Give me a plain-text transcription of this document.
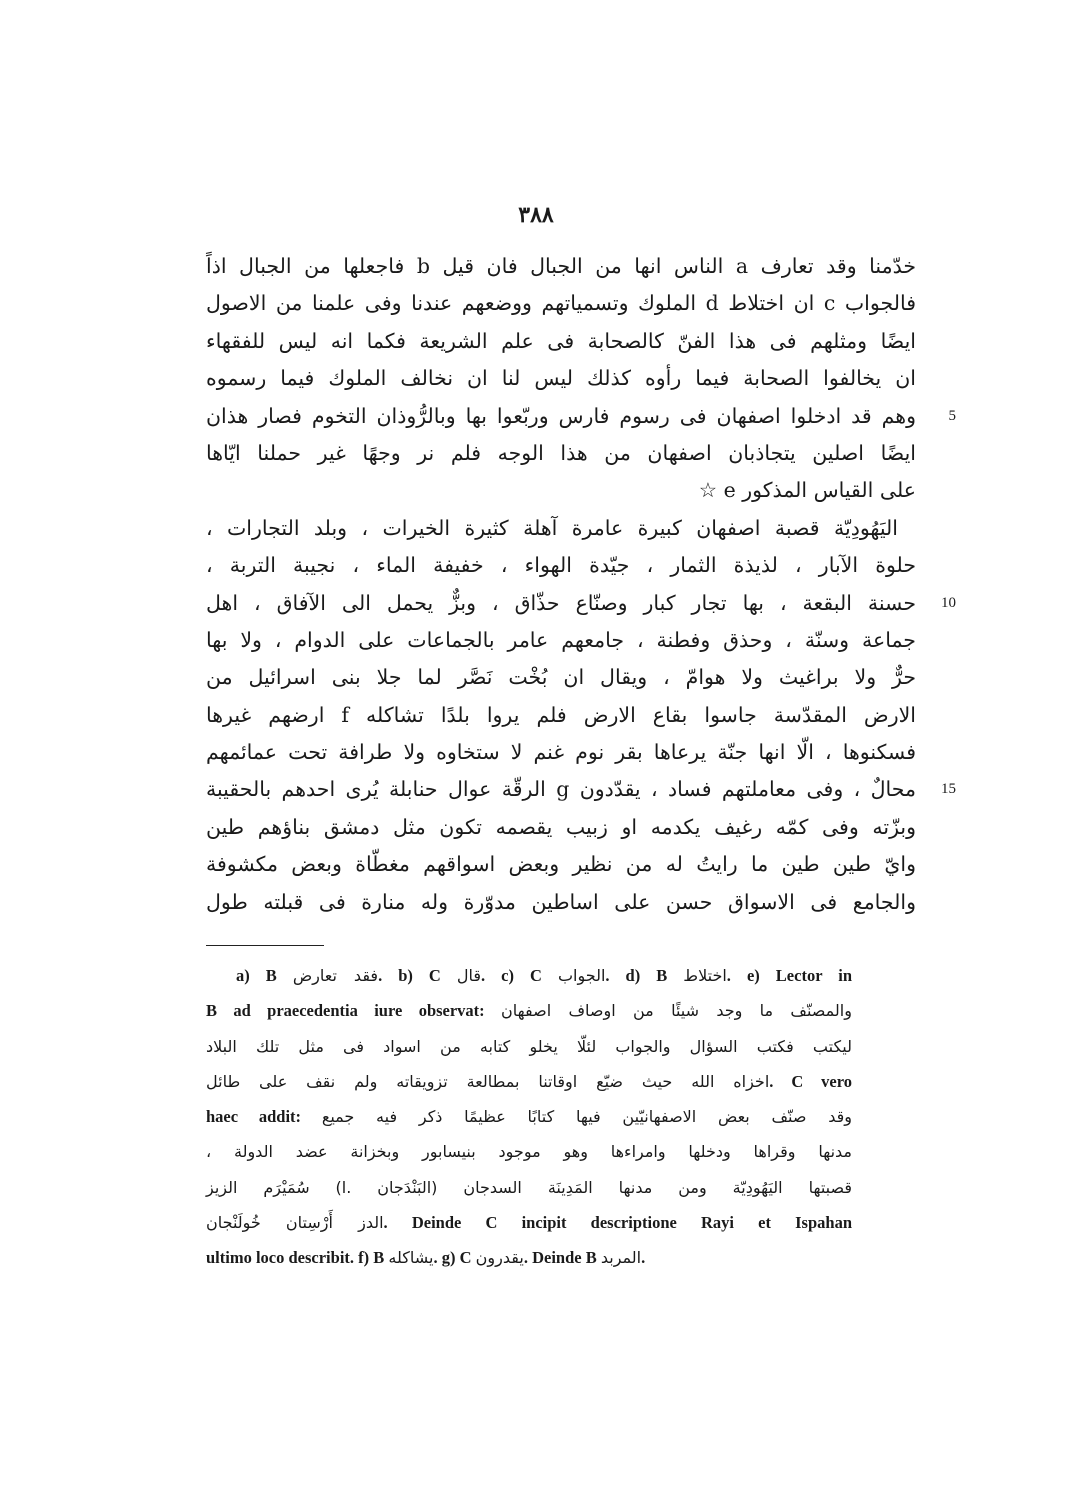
٣٨٨
خدّمنا وقد تعارف a الناس انها من الجبال فان قيل b فاجعلها من الجبال اذاً
فالجواب c ان اختلاط d الملوك وتسمياتهم ووضعهم عندنا وفى علمنا من الاصول
ايضًا ومثلهم فى هذا الفنّ كالصحابة فى علم الشريعة فكما انه ليس للفقهاء
ان يخالفوا الصحابة فيما رأوه كذلك ليس لنا ان نخالف الملوك فيما رسموه
وهم قد ادخلوا اصفهان فى رسوم فارس وربّعوا بها وبالرُّوذان التخوم فصار هذان 5
ايضًا اصلين يتجاذبان اصفهان من هذا الوجه فلم نر وجهًا غير حملنا ايّاها
على القياس المذكور e ☆
اليَهُودِيّة قصبة اصفهان كبيرة عامرة آهلة كثيرة الخيرات ، وبلد التجارات ،
حلوة الآبار ، لذيذة الثمار ، جيّدة الهواء ، خفيفة الماء ، نجيبة التربة ،
حسنة البقعة ، بها تجار كبار وصنّاع حذّاق ، وبزٌّ يحمل الى الآفاق ، اهل 10
جماعة وسنّة ، وحذق وفطنة ، جامعهم عامر بالجماعات على الدوام ، ولا بها
حرٌّ ولا براغيث ولا هوامّ ، ويقال ان بُخْت نَصَّر لما جلا بنى اسرائيل من
الارض المقدّسة جاسوا بقاع الارض فلم يروا بلدًا تشاكله f ارضهم غيرها
فسكنوها ، الّا انها جنّة يرعاها بقر نوم غنم لا ستخاوه ولا طرافة تحت عمائمهم
محالٌ ، وفى معاملتهم فساد ، يقدّدون g الرقّة عوال حنابلة يُرى احدهم بالحقيبة 15
وبزّته وفى كمّه رغيف يكدمه او زبيب يقصمه تكون مثل دمشق بناؤهم طين
وايّ طين طين ما رايتُ له من نظير وبعض اسواقهم مغطّاة وبعض مكشوفة
والجامع فى الاسواق حسن على اساطين مدوّرة وله منارة فى قبلته طول
a) B فقد تعارض. b) C قال. c) C الجواب. d) B اختلاط. e) Lector in
B ad praecedentia iure observat: والمصنّف ما وجد شيئًا من اوصاف اصفهان
ليكتب فكتب السؤال والجواب لئلّا يخلو كتابه من اسواد فى مثل تلك البلاد
اخزاه الله حيث ضيّع اوقاتنا بمطالعة تزويقاته ولم نقف على طائل. C vero
haec addit: وقد صنّف بعض الاصفهانيّين فيها كتابًا عظيمًا ذكر فيه جميع
مدنها وقراها ودخلها وامراءها وهو موجود بنيسابور وبخزانة عضد الدولة ،
قصبتها اليَهُودِيّة ومن مدنها المَدِينَة السدجان (البَنْدَجان .l) سُمَيْرَم الزيز
الدز أَرْسِتان خُولَنْجان. Deinde C incipit descriptione Rayi et Ispahan
ultimo loco describit. f) B يشاكله. g) C يقدرون. Deinde B المربد.
